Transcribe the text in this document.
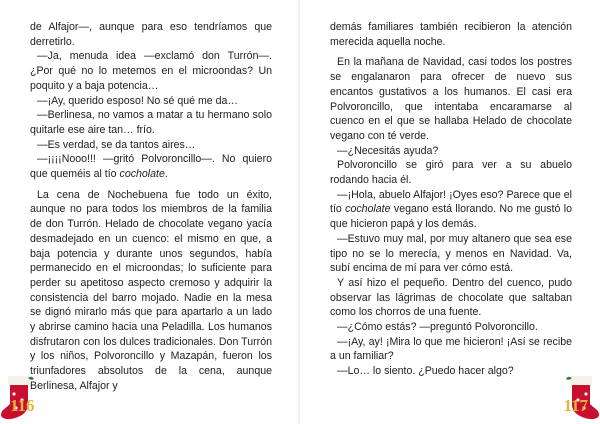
de Alfajor—, aunque para eso tendríamos que derretirlo.

—Ja, menuda idea —exclamó don Turrón—. ¿Por qué no lo metemos en el microondas? Un poquito y a baja potencia…

—¡Ay, querido esposo! No sé qué me da…

—Berlinesa, no vamos a matar a tu hermano solo quitarle ese aire tan… frío.

—Es verdad, se da tantos aires…

—¡¡¡¡Nooo!!! —gritó Polvoroncillo—. No quiero que queméis al tío cocholate.

La cena de Nochebuena fue todo un éxito, aunque no para todos los miembros de la familia de don Turrón. Helado de chocolate vegano yacía desmadejado en un cuenco: el mismo en que, a baja potencia y durante unos segundos, había permanecido en el microondas; lo suficiente para perder su apetitoso aspecto cremoso y adquirir la consistencia del barro mojado. Nadie en la mesa se dignó mirarlo más que para apartarlo a un lado y abrirse camino hacia una Peladilla. Los humanos disfrutaron con los dulces tradicionales. Don Turrón y los niños, Polvoroncillo y Mazapán, fueron los triunfadores absolutos de la cena, aunque Berlinesa, Alfajor y

116

demás familiares también recibieron la atención merecida aquella noche.

En la mañana de Navidad, casi todos los postres se engalanaron para ofrecer de nuevo sus encantos gustativos a los humanos. El casi era Polvoroncillo, que intentaba encaramarse al cuenco en el que se hallaba Helado de chocolate vegano con té verde.

—¿Necesitás ayuda?

Polvoroncillo se giró para ver a su abuelo rodando hacia él.

—¡Hola, abuelo Alfajor! ¡Oyes eso? Parece que el tío cocholate vegano está llorando. No me gustó lo que hicieron papá y los demás.

—Estuvo muy mal, por muy altanero que sea ese tipo no se lo merecía, y menos en Navidad. Va, subí encima de mí para ver cómo está.

Y así hizo el pequeño. Dentro del cuenco, pudo observar las lágrimas de chocolate que saltaban como los chorros de una fuente.

—¿Cómo estás? —preguntó Polvoroncillo.

—¡Ay, ay! ¡Mira lo que me hicieron! ¡Así se recibe a un familiar?

—Lo… lo siento. ¿Puedo hacer algo?

117
